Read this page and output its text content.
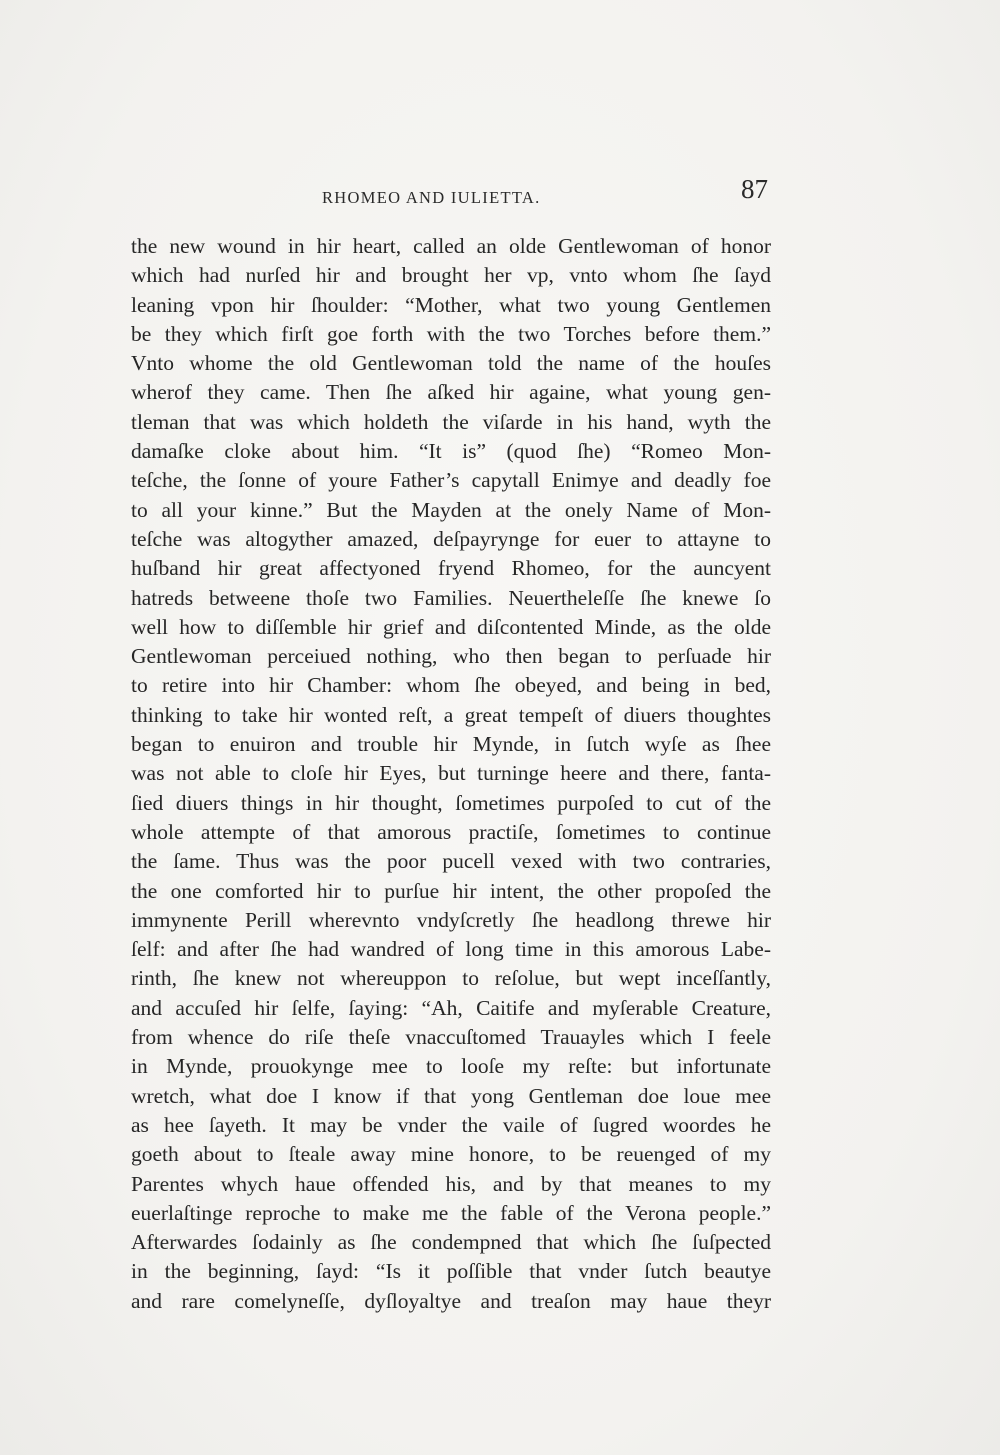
RHOMEO AND IULIETTA.	87
the new wound in hir heart, called an olde Gentlewoman of honor
which had nurſed hir and brought her vp, vnto whom ſhe ſayd
leaning vpon hir ſhoulder: “Mother, what two young Gentlemen
be they which firſt goe forth with the two Torches before them.”
Vnto whome the old Gentlewoman told the name of the houſes
wherof they came. Then ſhe aſked hir againe, what young gen-
tleman that was which holdeth the viſarde in his hand, wyth the
damaſke cloke about him. “It is” (quod ſhe) “Romeo Mon-
teſche, the ſonne of youre Father’s capytall Enimye and deadly foe
to all your kinne.” But the Mayden at the onely Name of Mon-
teſche was altogyther amazed, deſpayrynge for euer to attayne to
huſband hir great affectyoned fryend Rhomeo, for the auncyent
hatreds betweene thoſe two Families. Neuertheleſſe ſhe knewe ſo
well how to diſſemble hir grief and diſcontented Minde, as the olde
Gentlewoman perceiued nothing, who then began to perſuade hir
to retire into hir Chamber: whom ſhe obeyed, and being in bed,
thinking to take hir wonted reſt, a great tempeſt of diuers thoughtes
began to enuiron and trouble hir Mynde, in ſutch wyſe as ſhee
was not able to cloſe hir Eyes, but turninge heere and there, fanta-
ſied diuers things in hir thought, ſometimes purpoſed to cut of the
whole attempte of that amorous practiſe, ſometimes to continue
the ſame. Thus was the poor pucell vexed with two contraries,
the one comforted hir to purſue hir intent, the other propoſed the
immynente Perill wherevnto vndyſcretly ſhe headlong threwe hir
ſelf: and after ſhe had wandred of long time in this amorous Labe-
rinth, ſhe knew not whereuppon to reſolue, but wept inceſſantly,
and accuſed hir ſelfe, ſaying: “Ah, Caitife and myſerable Creature,
from whence do riſe theſe vnaccuſtomed Trauayles which I feele
in Mynde, prouokynge mee to looſe my reſte: but infortunate
wretch, what doe I know if that yong Gentleman doe loue mee
as hee ſayeth. It may be vnder the vaile of ſugred woordes he
goeth about to ſteale away mine honore, to be reuenged of my
Parentes whych haue offended his, and by that meanes to my
euerlaſtinge reproche to make me the fable of the Verona people.”
Afterwardes ſodainly as ſhe condempned that which ſhe ſuſpected
in the beginning, ſayd: “Is it poſſible that vnder ſutch beautye
and rare comelyneſſe, dyſloyaltye and treaſon may haue theyr
